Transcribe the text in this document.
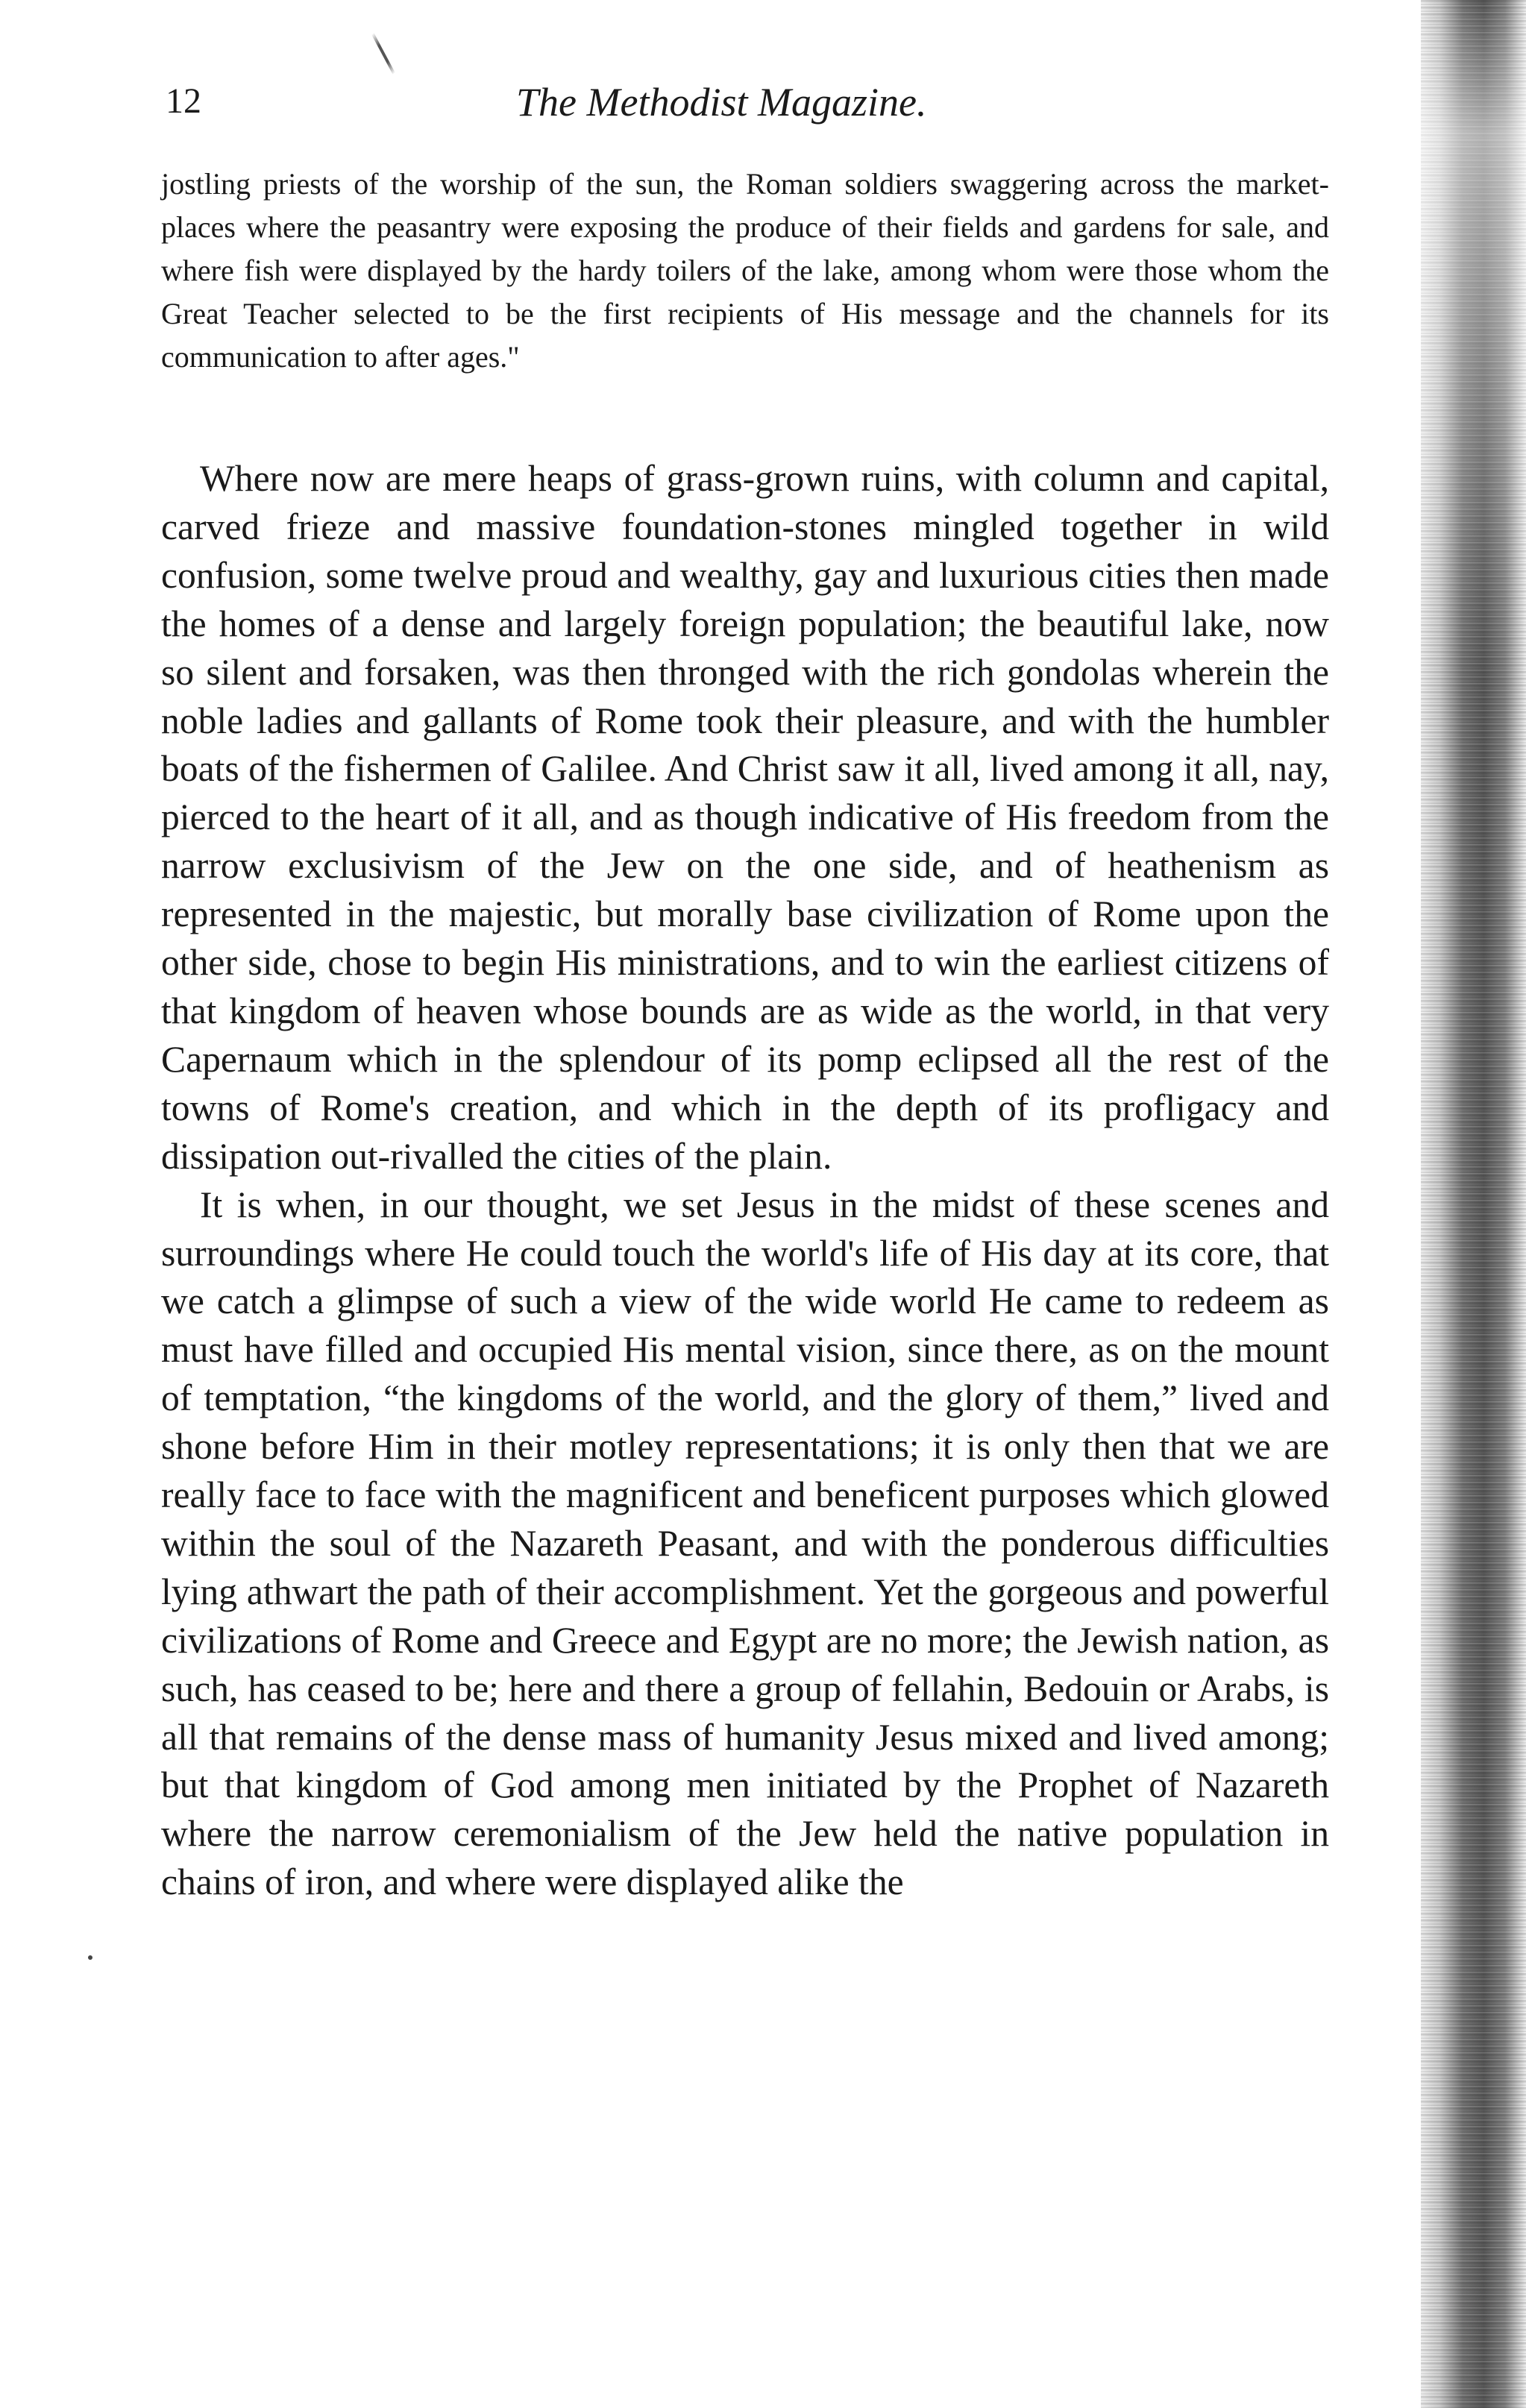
12	The Methodist Magazine.

jostling priests of the worship of the sun, the Roman soldiers swaggering across the market-places where the peasantry were exposing the produce of their fields and gardens for sale, and where fish were displayed by the hardy toilers of the lake, among whom were those whom the Great Teacher selected to be the first recipients of His message and the channels for its communication to after ages."

Where now are mere heaps of grass-grown ruins, with column and capital, carved frieze and massive foundation-stones mingled together in wild confusion, some twelve proud and wealthy, gay and luxurious cities then made the homes of a dense and largely foreign population; the beautiful lake, now so silent and forsaken, was then thronged with the rich gondolas wherein the noble ladies and gallants of Rome took their pleasure, and with the humbler boats of the fishermen of Galilee. And Christ saw it all, lived among it all, nay, pierced to the heart of it all, and as though indicative of His freedom from the narrow exclusivism of the Jew on the one side, and of heathenism as represented in the majestic, but morally base civilization of Rome upon the other side, chose to begin His ministrations, and to win the earliest citizens of that kingdom of heaven whose bounds are as wide as the world, in that very Capernaum which in the splendour of its pomp eclipsed all the rest of the towns of Rome's creation, and which in the depth of its profligacy and dissipation out-rivalled the cities of the plain.

It is when, in our thought, we set Jesus in the midst of these scenes and surroundings where He could touch the world's life of His day at its core, that we catch a glimpse of such a view of the wide world He came to redeem as must have filled and occupied His mental vision, since there, as on the mount of temptation, “the kingdoms of the world, and the glory of them,” lived and shone before Him in their motley representations; it is only then that we are really face to face with the magnificent and beneficent purposes which glowed within the soul of the Nazareth Peasant, and with the ponderous difficulties lying athwart the path of their accomplishment. Yet the gorgeous and powerful civilizations of Rome and Greece and Egypt are no more; the Jewish nation, as such, has ceased to be; here and there a group of fellahin, Bedouin or Arabs, is all that remains of the dense mass of humanity Jesus mixed and lived among; but that kingdom of God among men initiated by the Prophet of Nazareth where the narrow ceremonialism of the Jew held the native population in chains of iron, and where were displayed alike the
